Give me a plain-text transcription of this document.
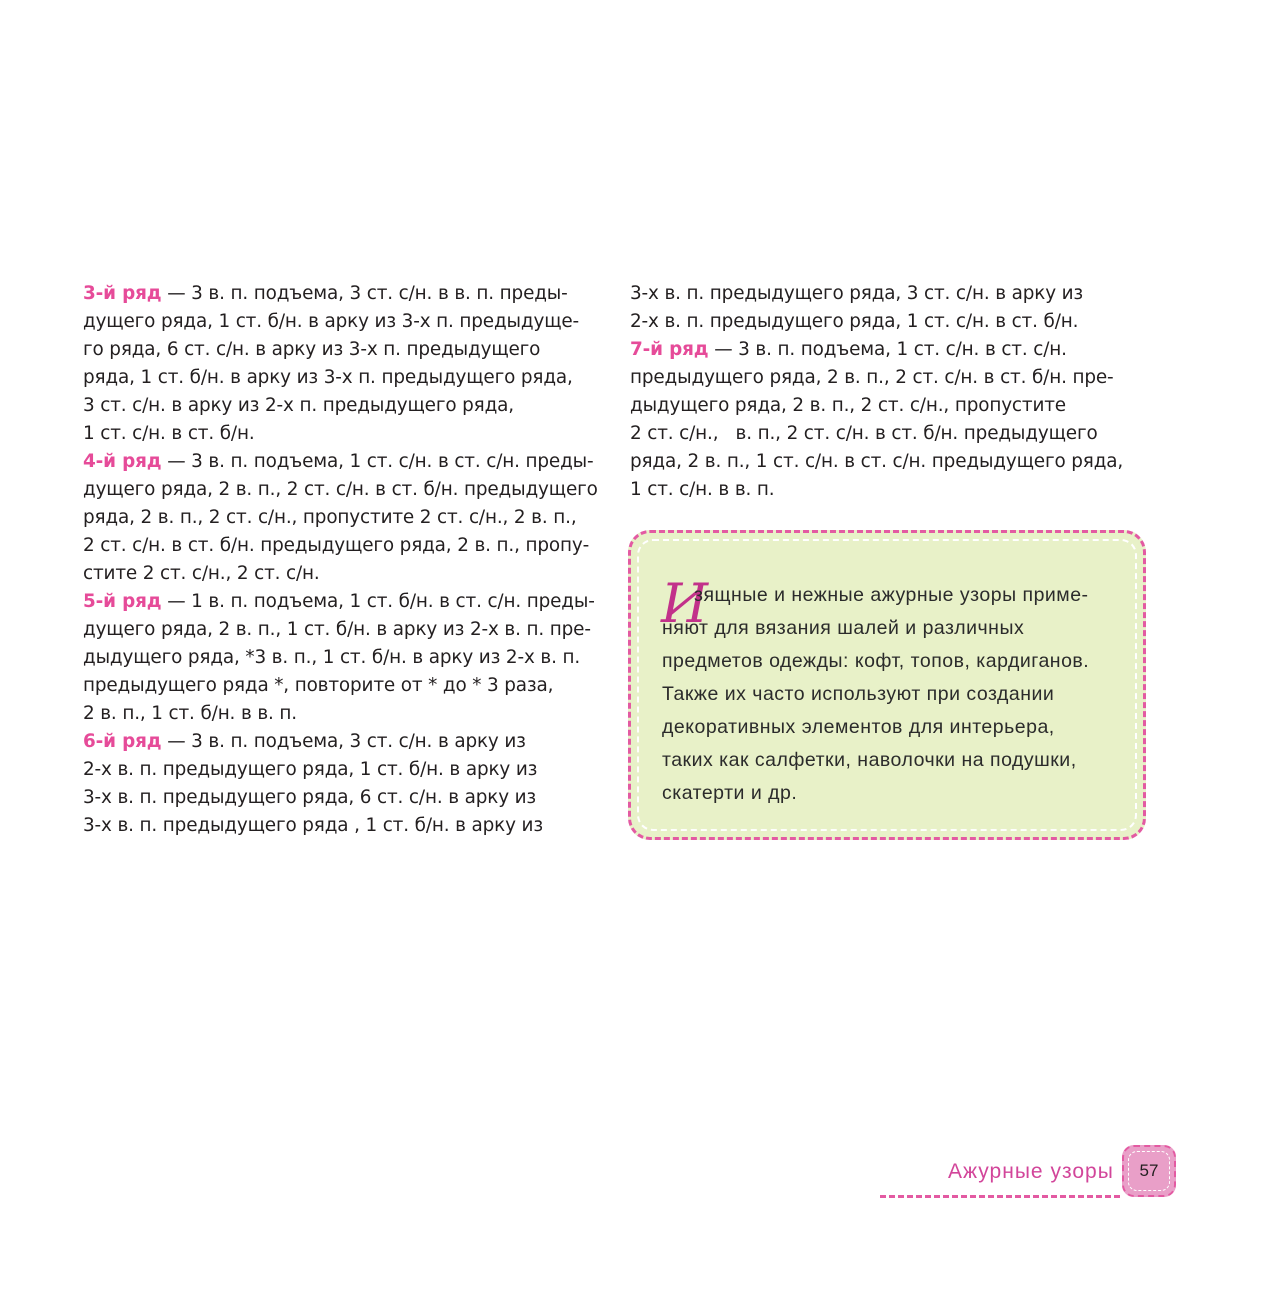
3-й ряд — 3 в. п. подъема, 3 ст. с/н. в в. п. преды-
дущего ряда, 1 ст. б/н. в арку из 3-х п. предыдуще-
го ряда, 6 ст. с/н. в арку из 3-х п. предыдущего
ряда, 1 ст. б/н. в арку из 3-х п. предыдущего ряда,
3 ст. с/н. в арку из 2-х п. предыдущего ряда,
1 ст. с/н. в ст. б/н.
4-й ряд — 3 в. п. подъема, 1 ст. с/н. в ст. с/н. преды-
дущего ряда, 2 в. п., 2 ст. с/н. в ст. б/н. предыдущего
ряда, 2 в. п., 2 ст. с/н., пропустите 2 ст. с/н., 2 в. п.,
2 ст. с/н. в ст. б/н. предыдущего ряда, 2 в. п., пропу-
стите 2 ст. с/н., 2 ст. с/н.
5-й ряд — 1 в. п. подъема, 1 ст. б/н. в ст. с/н. преды-
дущего ряда, 2 в. п., 1 ст. б/н. в арку из 2-х в. п. пре-
дыдущего ряда, *3 в. п., 1 ст. б/н. в арку из 2-х в. п.
предыдущего ряда *, повторите от * до * 3 раза,
2 в. п., 1 ст. б/н. в в. п.
6-й ряд — 3 в. п. подъема, 3 ст. с/н. в арку из
2-х в. п. предыдущего ряда, 1 ст. б/н. в арку из
3-х в. п. предыдущего ряда, 6 ст. с/н. в арку из
3-х в. п. предыдущего ряда , 1 ст. б/н. в арку из
3-х в. п. предыдущего ряда, 3 ст. с/н. в арку из
2-х в. п. предыдущего ряда, 1 ст. с/н. в ст. б/н.
7-й ряд — 3 в. п. подъема, 1 ст. с/н. в ст. с/н.
предыдущего ряда, 2 в. п., 2 ст. с/н. в ст. б/н. пре-
дыдущего ряда, 2 в. п., 2 ст. с/н., пропустите
2 ст. с/н.,   в. п., 2 ст. с/н. в ст. б/н. предыдущего
ряда, 2 в. п., 1 ст. с/н. в ст. с/н. предыдущего ряда,
1 ст. с/н. в в. п.
И
зящные и нежные ажурные узоры приме-
няют для вязания шалей и различных
предметов одежды: кофт, топов, кардиганов.
Также их часто используют при создании
декоративных элементов для интерьера,
таких как салфетки, наволочки на подушки,
скатерти и др.
Ажурные узоры	57
